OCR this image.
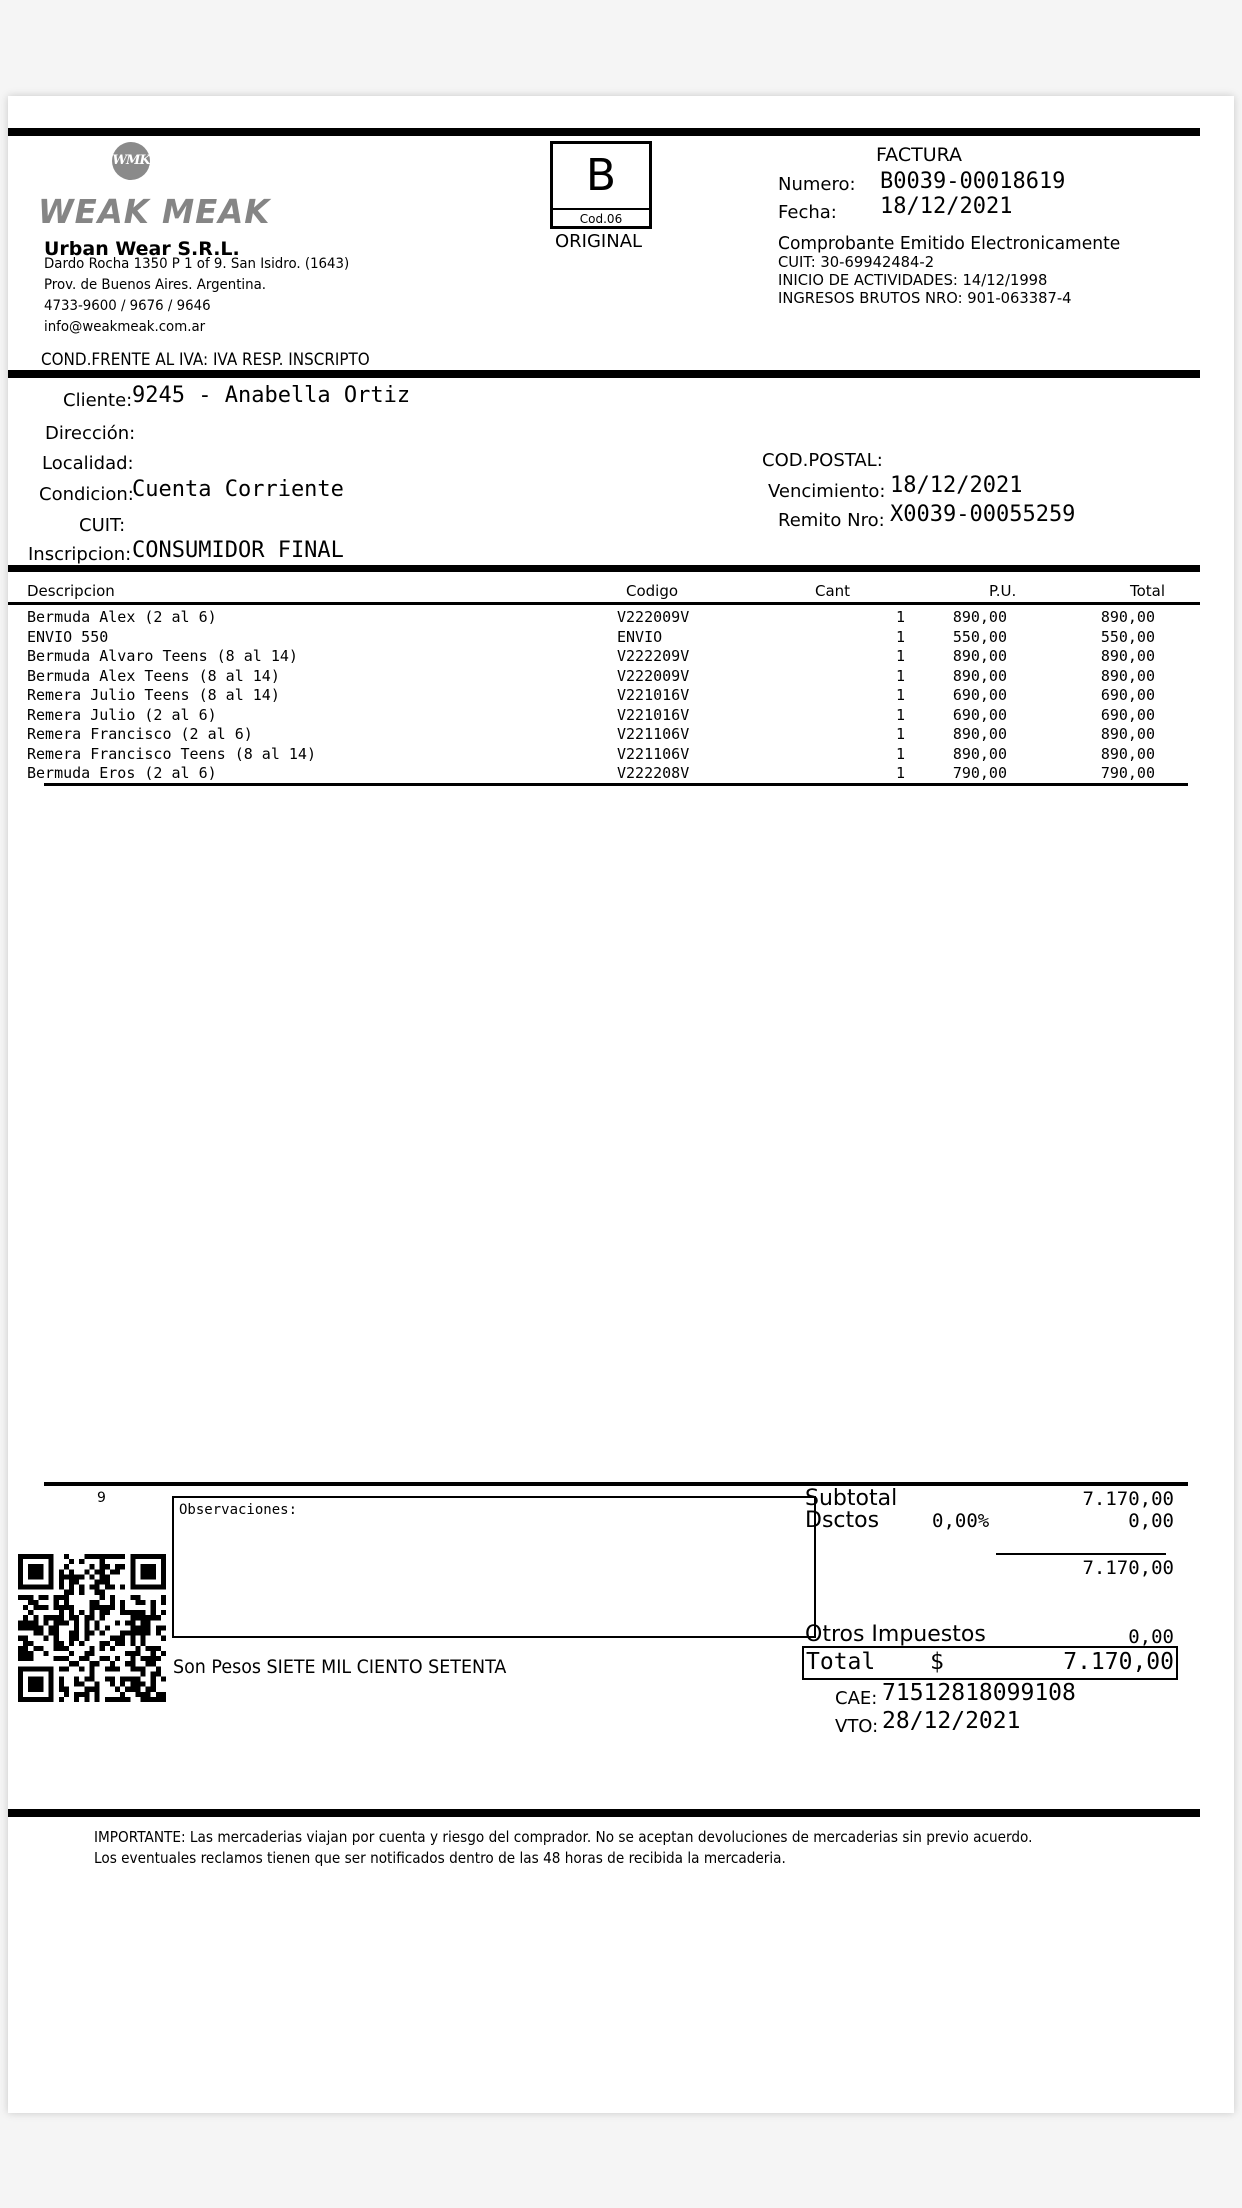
WMK
WEAK MEAK
Urban Wear S.R.L.
Dardo Rocha 1350 P 1 of 9. San Isidro. (1643)
Prov. de Buenos Aires. Argentina.
4733-9600 / 9676 / 9646
info@weakmeak.com.ar
COND.FRENTE AL IVA: IVA RESP. INSCRIPTO
B
Cod.06
ORIGINAL
FACTURA
Numero: B0039-00018619
Fecha: 18/12/2021
Comprobante Emitido Electronicamente
CUIT: 30-69942484-2
INICIO DE ACTIVIDADES: 14/12/1998
INGRESOS BRUTOS NRO: 901-063387-4
Cliente: 9245 - Anabella Ortiz
Dirección:
Localidad:
Condicion:
Cuenta Corriente
CUIT:
Inscripcion: CONSUMIDOR FINAL
COD.POSTAL:
Vencimiento: 18/12/2021
Remito Nro: X0039-00055259
Descripcion	Codigo	Cant	P.U.	Total
Bermuda Alex (2 al 6)	V222009V	1	890,00	890,00
ENVIO 550	ENVIO	1	550,00	550,00
Bermuda Alvaro Teens (8 al 14)	V222209V	1	890,00	890,00
Bermuda Alex Teens (8 al 14)	V222009V	1	890,00	890,00
Remera Julio Teens (8 al 14)	V221016V	1	690,00	690,00
Remera Julio (2 al 6)	V221016V	1	690,00	690,00
Remera Francisco (2 al 6)	V221106V	1	890,00	890,00
Remera Francisco Teens (8 al 14)	V221106V	1	890,00	890,00
Bermuda Eros (2 al 6)	V222208V	1	790,00	790,00
9
Observaciones:
Son Pesos SIETE MIL CIENTO SETENTA
Subtotal	7.170,00
Dsctos	0,00%	0,00
7.170,00
Otros Impuestos	0,00
Total $	7.170,00
CAE: 71512818099108
VTO: 28/12/2021
IMPORTANTE: Las mercaderias viajan por cuenta y riesgo del comprador. No se aceptan devoluciones de mercaderias sin previo acuerdo.
Los eventuales reclamos tienen que ser notificados dentro de las 48 horas de recibida la mercaderia.
